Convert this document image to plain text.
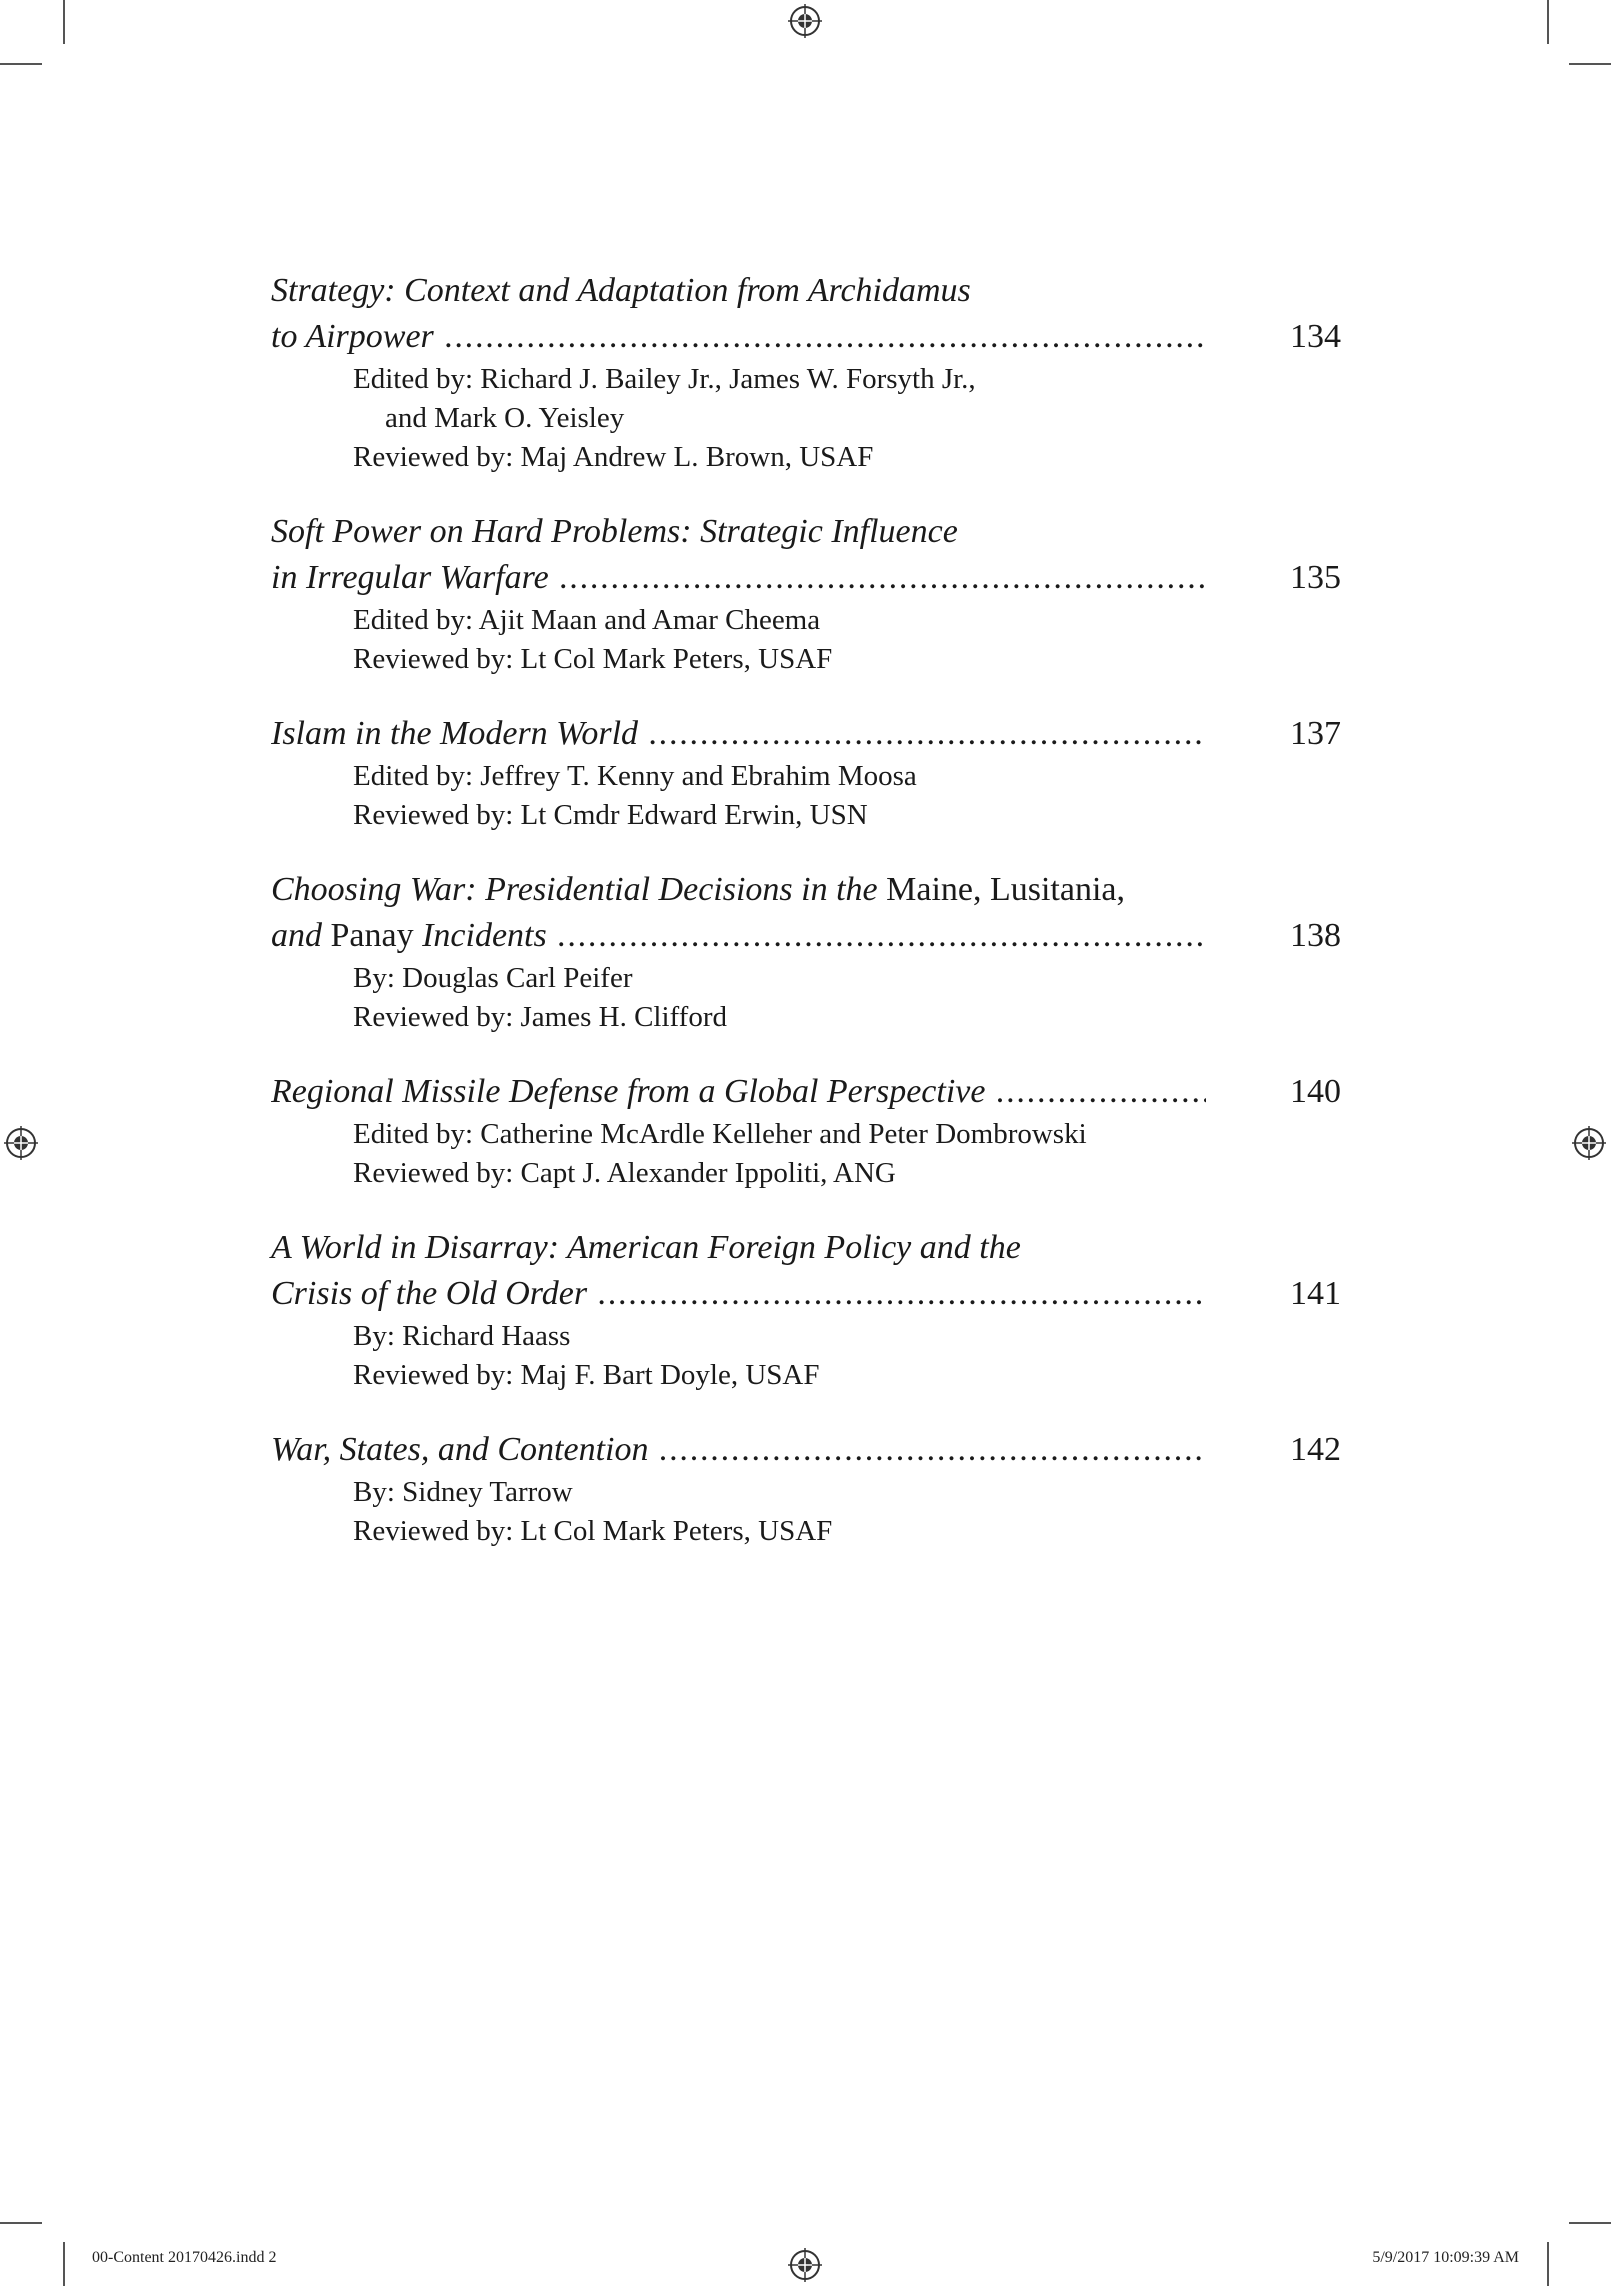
00-Content 20170426.indd 2	5/9/2017 10:09:39 AM
Strategy: Context and Adaptation from Archidamus
to Airpower .....	134
Edited by: Richard J. Bailey Jr., James W. Forsyth Jr.,
and Mark O. Yeisley
Reviewed by: Maj Andrew L. Brown, USAF
Soft Power on Hard Problems: Strategic Influence
in Irregular Warfare .....	135
Edited by: Ajit Maan and Amar Cheema
Reviewed by: Lt Col Mark Peters, USAF
Islam in the Modern World .....	137
Edited by: Jeffrey T. Kenny and Ebrahim Moosa
Reviewed by: Lt Cmdr Edward Erwin, USN
Choosing War: Presidential Decisions in the Maine, Lusitania,
and Panay Incidents .....	138
By: Douglas Carl Peifer
Reviewed by: James H. Clifford
Regional Missile Defense from a Global Perspective .....	140
Edited by: Catherine McArdle Kelleher and Peter Dombrowski
Reviewed by: Capt J. Alexander Ippoliti, ANG
A World in Disarray: American Foreign Policy and the
Crisis of the Old Order .....	141
By: Richard Haass
Reviewed by: Maj F. Bart Doyle, USAF
War, States, and Contention .....	142
By: Sidney Tarrow
Reviewed by: Lt Col Mark Peters, USAF
